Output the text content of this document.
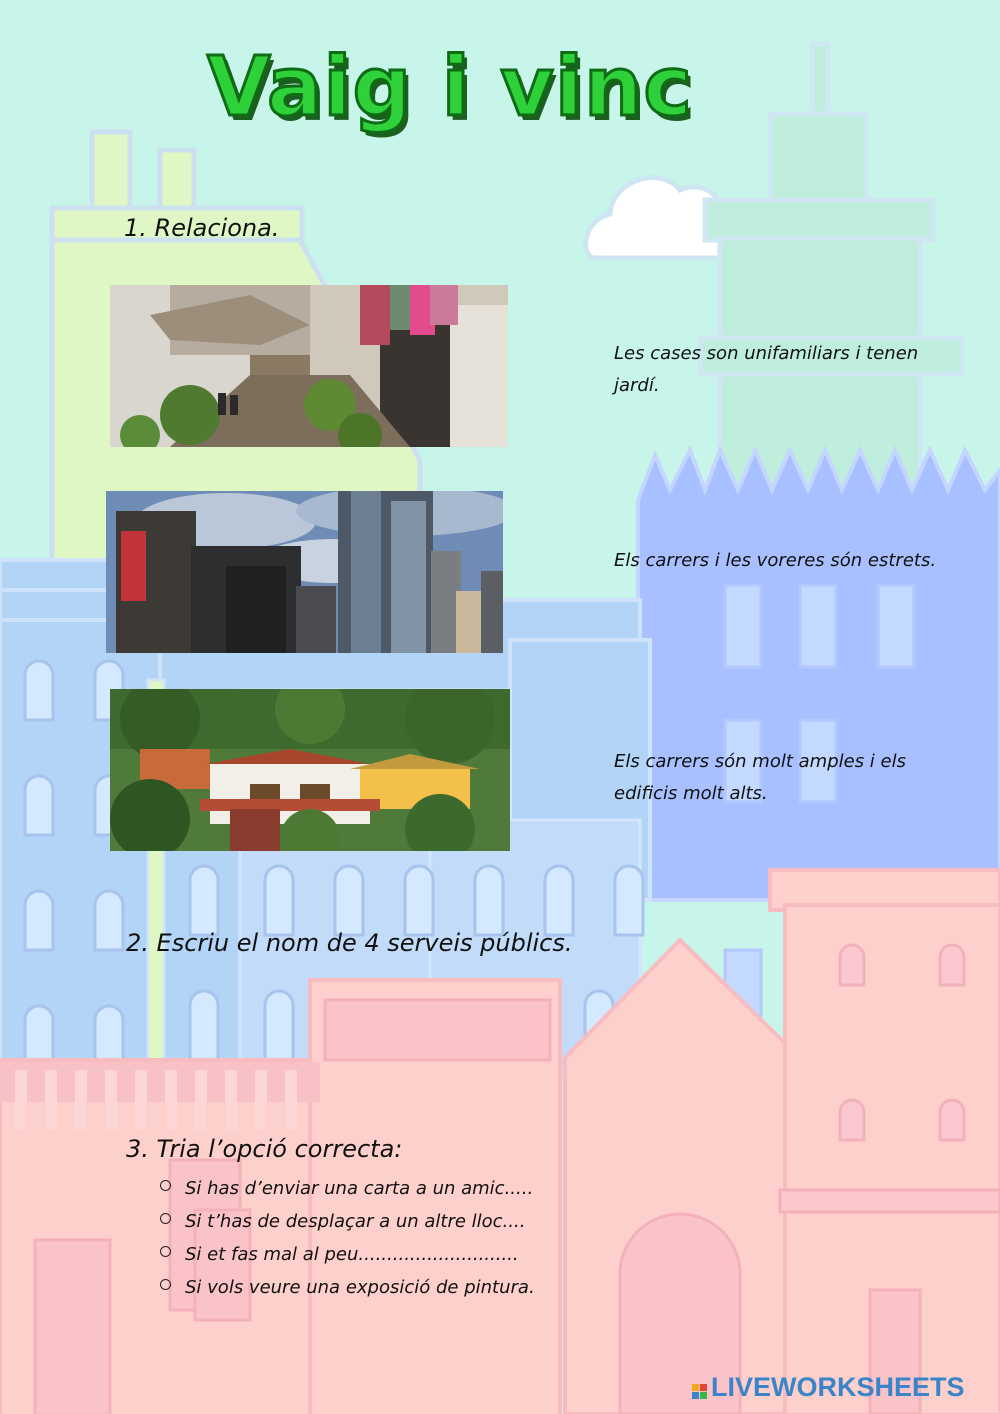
Vaig i vinc
1. Relaciona.
Les cases son unifamiliars i tenen jardí.
Els carrers i les voreres són estrets.
Els carrers són molt amples i els edificis molt alts.
2. Escriu el nom de 4 serveis públics.
3. Tria l’opció correcta:
Si has d’enviar una carta a un amic.....
Si t’has de desplaçar a un altre lloc....
Si et fas mal al peu............................
Si vols veure una exposició de pintura.
LIVEWORKSHEETS
